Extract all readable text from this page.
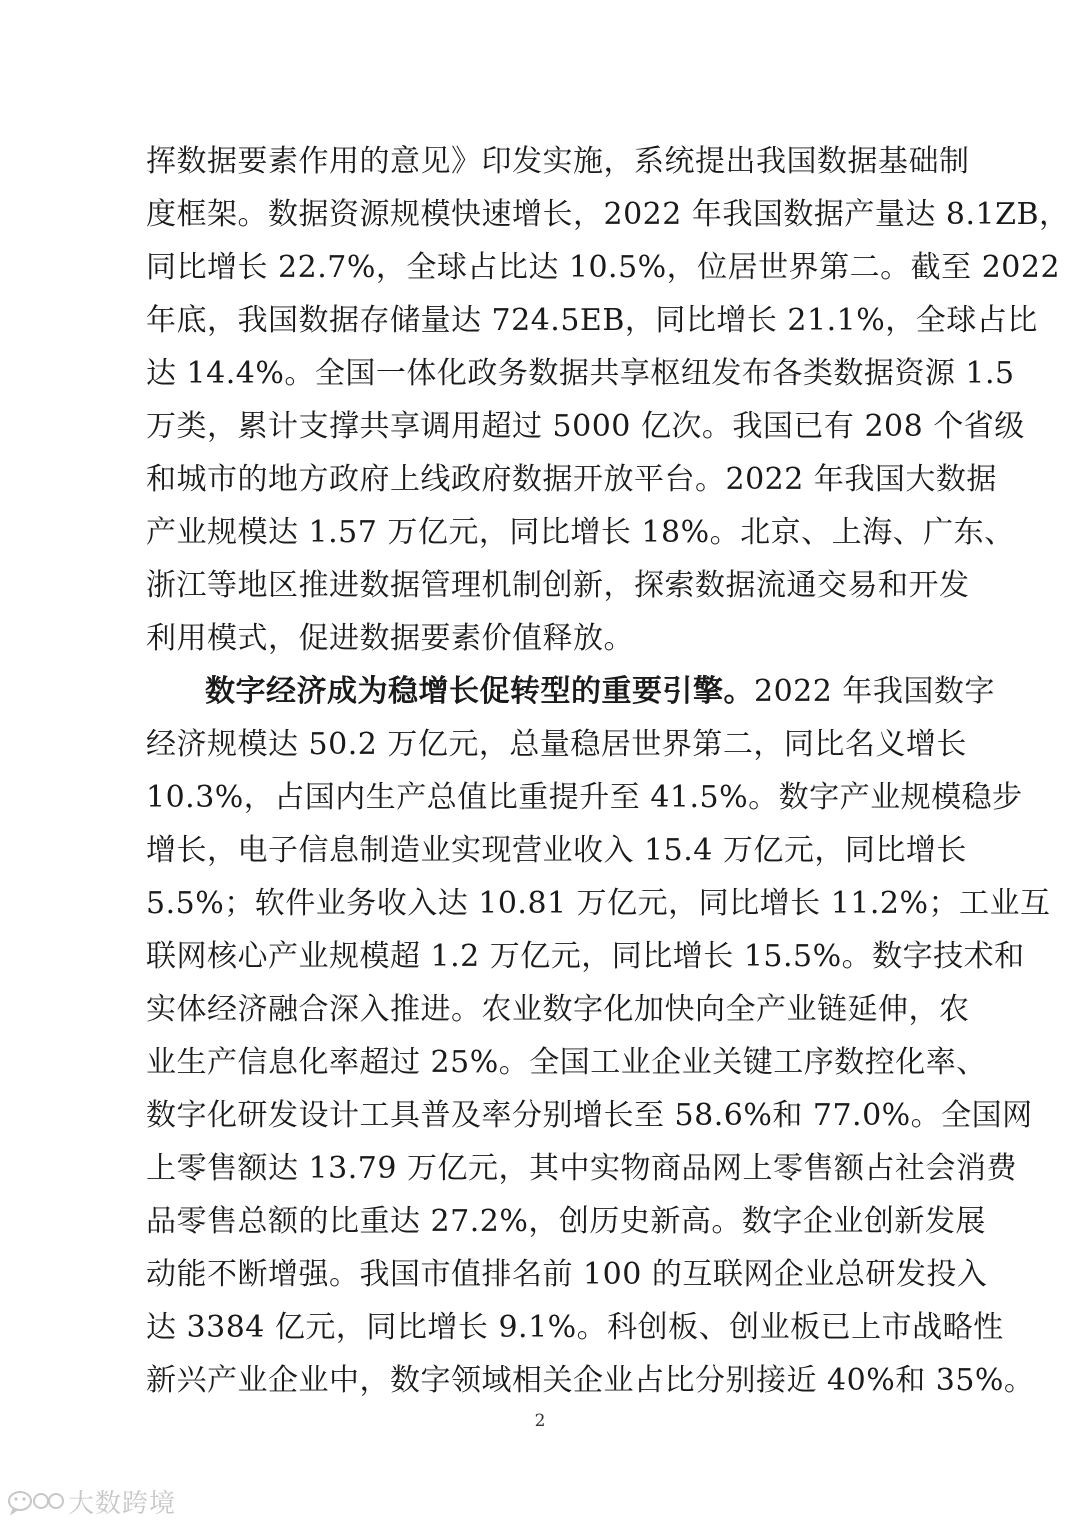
挥数据要素作用的意见》印发实施，系统提出我国数据基础制
度框架。数据资源规模快速增长，2022 年我国数据产量达 8.1ZB，
同比增长 22.7%，全球占比达 10.5%，位居世界第二。截至 2022
年底，我国数据存储量达 724.5EB，同比增长 21.1%，全球占比
达 14.4%。全国一体化政务数据共享枢纽发布各类数据资源 1.5
万类，累计支撑共享调用超过 5000 亿次。我国已有 208 个省级
和城市的地方政府上线政府数据开放平台。2022 年我国大数据
产业规模达 1.57 万亿元，同比增长 18%。北京、上海、广东、
浙江等地区推进数据管理机制创新，探索数据流通交易和开发
利用模式，促进数据要素价值释放。
数字经济成为稳增长促转型的重要引擎。2022 年我国数字
经济规模达 50.2 万亿元，总量稳居世界第二，同比名义增长
10.3%，占国内生产总值比重提升至 41.5%。数字产业规模稳步
增长，电子信息制造业实现营业收入 15.4 万亿元，同比增长
5.5%；软件业务收入达 10.81 万亿元，同比增长 11.2%；工业互
联网核心产业规模超 1.2 万亿元，同比增长 15.5%。数字技术和
实体经济融合深入推进。农业数字化加快向全产业链延伸，农
业生产信息化率超过 25%。全国工业企业关键工序数控化率、
数字化研发设计工具普及率分别增长至 58.6%和 77.0%。全国网
上零售额达 13.79 万亿元，其中实物商品网上零售额占社会消费
品零售总额的比重达 27.2%，创历史新高。数字企业创新发展
动能不断增强。我国市值排名前 100 的互联网企业总研发投入
达 3384 亿元，同比增长 9.1%。科创板、创业板已上市战略性
新兴产业企业中，数字领域相关企业占比分别接近 40%和 35%。
2
大数跨境
